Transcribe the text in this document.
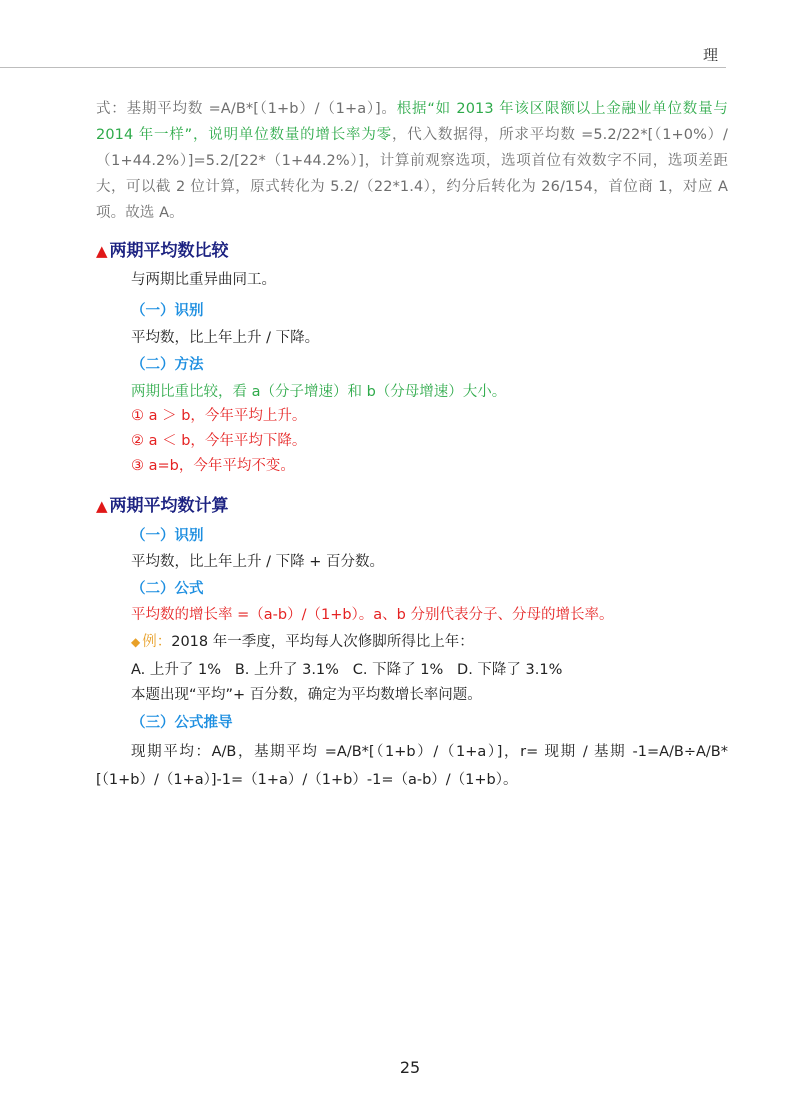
理
式：基期平均数 =A/B*[（1+b）/（1+a）]。根据“如 2013 年该区限额以上金融业单位数量与 2014 年一样”，说明单位数量的增长率为零，代入数据得，所求平均数 =5.2/22*[（1+0%）/（1+44.2%）]=5.2/[22*（1+44.2%）]，计算前观察选项，选项首位有效数字不同，选项差距大，可以截 2 位计算，原式转化为 5.2/（22*1.4），约分后转化为 26/154，首位商 1，对应 A 项。故选 A。
▲ 两期平均数比较
与两期比重异曲同工。
（一）识别
平均数，比上年上升 / 下降。
（二）方法
两期比重比较，看 a（分子增速）和 b（分母增速）大小。
① a ＞ b，今年平均上升。
② a ＜ b，今年平均下降。
③ a=b，今年平均不变。
▲ 两期平均数计算
（一）识别
平均数，比上年上升 / 下降 + 百分数。
（二）公式
平均数的增长率 =（a-b）/（1+b）。a、b 分别代表分子、分母的增长率。
◆ 例：2018 年一季度，平均每人次修脚所得比上年：
A. 上升了 1%   B. 上升了 3.1%   C. 下降了 1%   D. 下降了 3.1%
本题出现“平均”+ 百分数，确定为平均数增长率问题。
（三）公式推导
现期平均：A/B，基期平均 =A/B*[（1+b）/（1+a）]，r= 现期 / 基期 -1=A/B÷A/B*[（1+b）/（1+a）]-1=（1+a）/（1+b）-1=（a-b）/（1+b）。
25
